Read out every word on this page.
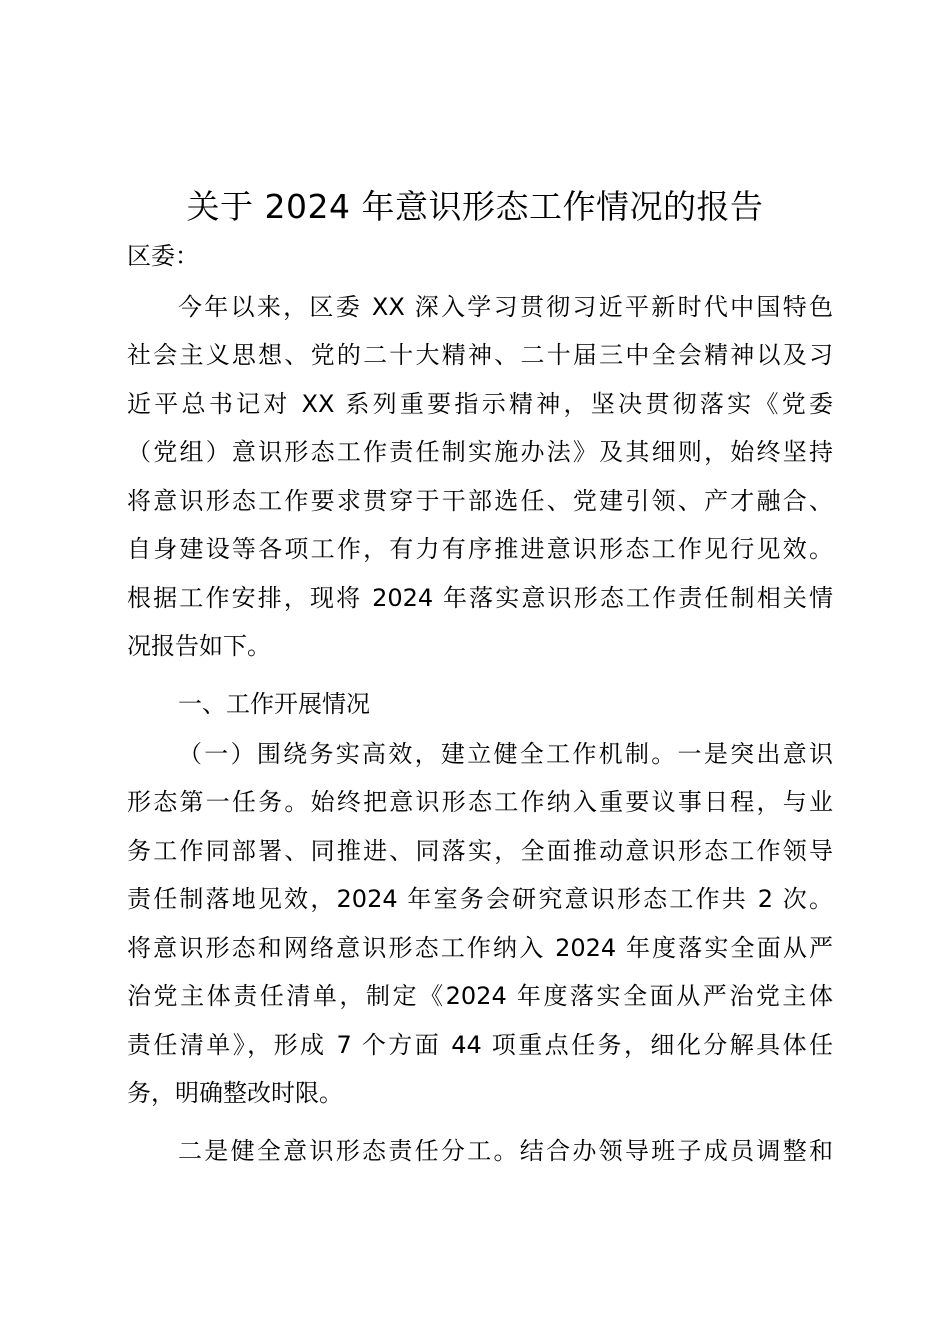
关于 2024 年意识形态工作情况的报告
区委：
今年以来，区委 XX 深入学习贯彻习近平新时代中国特色
社会主义思想、党的二十大精神、二十届三中全会精神以及习
近平总书记对 XX 系列重要指示精神，坚决贯彻落实《党委
（党组）意识形态工作责任制实施办法》及其细则，始终坚持
将意识形态工作要求贯穿于干部选任、党建引领、产才融合、
自身建设等各项工作，有力有序推进意识形态工作见行见效。
根据工作安排，现将 2024 年落实意识形态工作责任制相关情
况报告如下。
一、工作开展情况
（一）围绕务实高效，建立健全工作机制。一是突出意识
形态第一任务。始终把意识形态工作纳入重要议事日程，与业
务工作同部署、同推进、同落实，全面推动意识形态工作领导
责任制落地见效，2024 年室务会研究意识形态工作共 2 次。
将意识形态和网络意识形态工作纳入 2024 年度落实全面从严
治党主体责任清单，制定《2024 年度落实全面从严治党主体
责任清单》，形成 7 个方面 44 项重点任务，细化分解具体任
务，明确整改时限。
二是健全意识形态责任分工。结合办领导班子成员调整和
